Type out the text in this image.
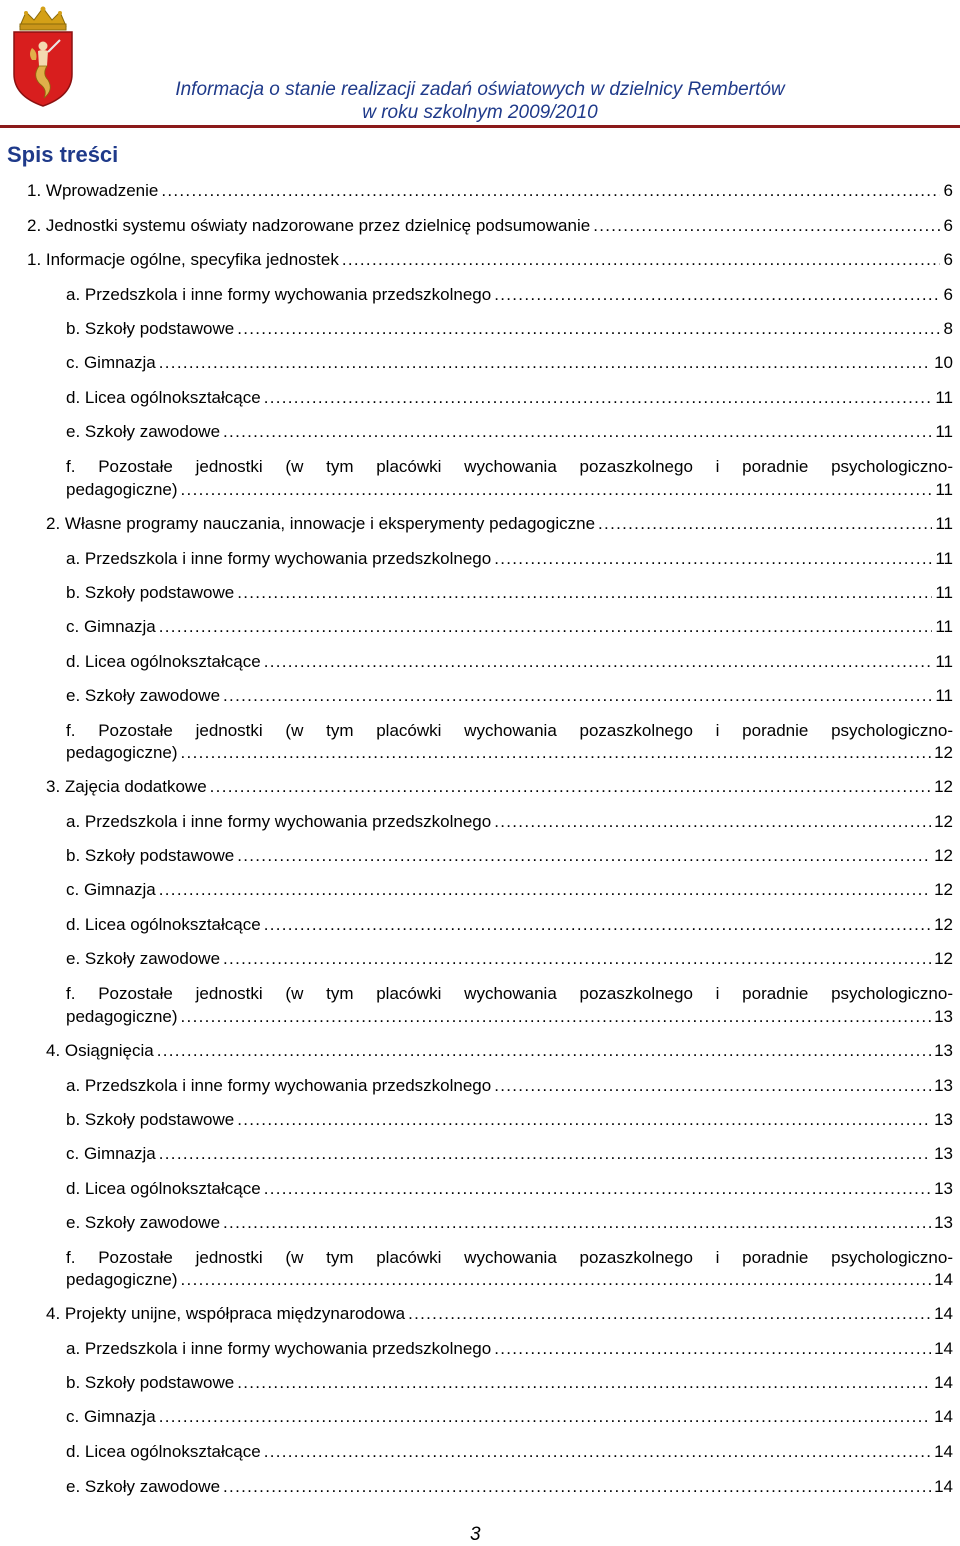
Informacja o stanie realizacji zadań oświatowych w dzielnicy Rembertów
w roku szkolnym 2009/2010
Spis treści
1. Wprowadzenie .....	6
2. Jednostki systemu oświaty nadzorowane przez dzielnicę podsumowanie .....	6
1. Informacje ogólne, specyfika jednostek .....	6
a. Przedszkola i inne formy wychowania przedszkolnego .....	6
b. Szkoły podstawowe .....	8
c. Gimnazja .....	10
d. Licea ogólnokształcące .....	11
e. Szkoły zawodowe .....	11
f. Pozostałe jednostki (w tym placówki wychowania pozaszkolnego i poradnie psychologiczno-
pedagogiczne) .....	11
2. Własne programy nauczania, innowacje i eksperymenty pedagogiczne .....	11
a. Przedszkola i inne formy wychowania przedszkolnego .....	11
b. Szkoły podstawowe .....	11
c. Gimnazja .....	11
d. Licea ogólnokształcące .....	11
e. Szkoły zawodowe .....	11
f. Pozostałe jednostki (w tym placówki wychowania pozaszkolnego i poradnie psychologiczno-
pedagogiczne) .....	12
3. Zajęcia dodatkowe .....	12
a. Przedszkola i inne formy wychowania przedszkolnego .....	12
b. Szkoły podstawowe .....	12
c. Gimnazja .....	12
d. Licea ogólnokształcące .....	12
e. Szkoły zawodowe .....	12
f. Pozostałe jednostki (w tym placówki wychowania pozaszkolnego i poradnie psychologiczno-
pedagogiczne) .....	13
4. Osiągnięcia .....	13
a. Przedszkola i inne formy wychowania przedszkolnego .....	13
b. Szkoły podstawowe .....	13
c. Gimnazja .....	13
d. Licea ogólnokształcące .....	13
e. Szkoły zawodowe .....	13
f. Pozostałe jednostki (w tym placówki wychowania pozaszkolnego i poradnie psychologiczno-
pedagogiczne) .....	14
4. Projekty unijne, współpraca międzynarodowa .....	14
a. Przedszkola i inne formy wychowania przedszkolnego .....	14
b. Szkoły podstawowe .....	14
c. Gimnazja .....	14
d. Licea ogólnokształcące .....	14
e. Szkoły zawodowe .....	14
3
